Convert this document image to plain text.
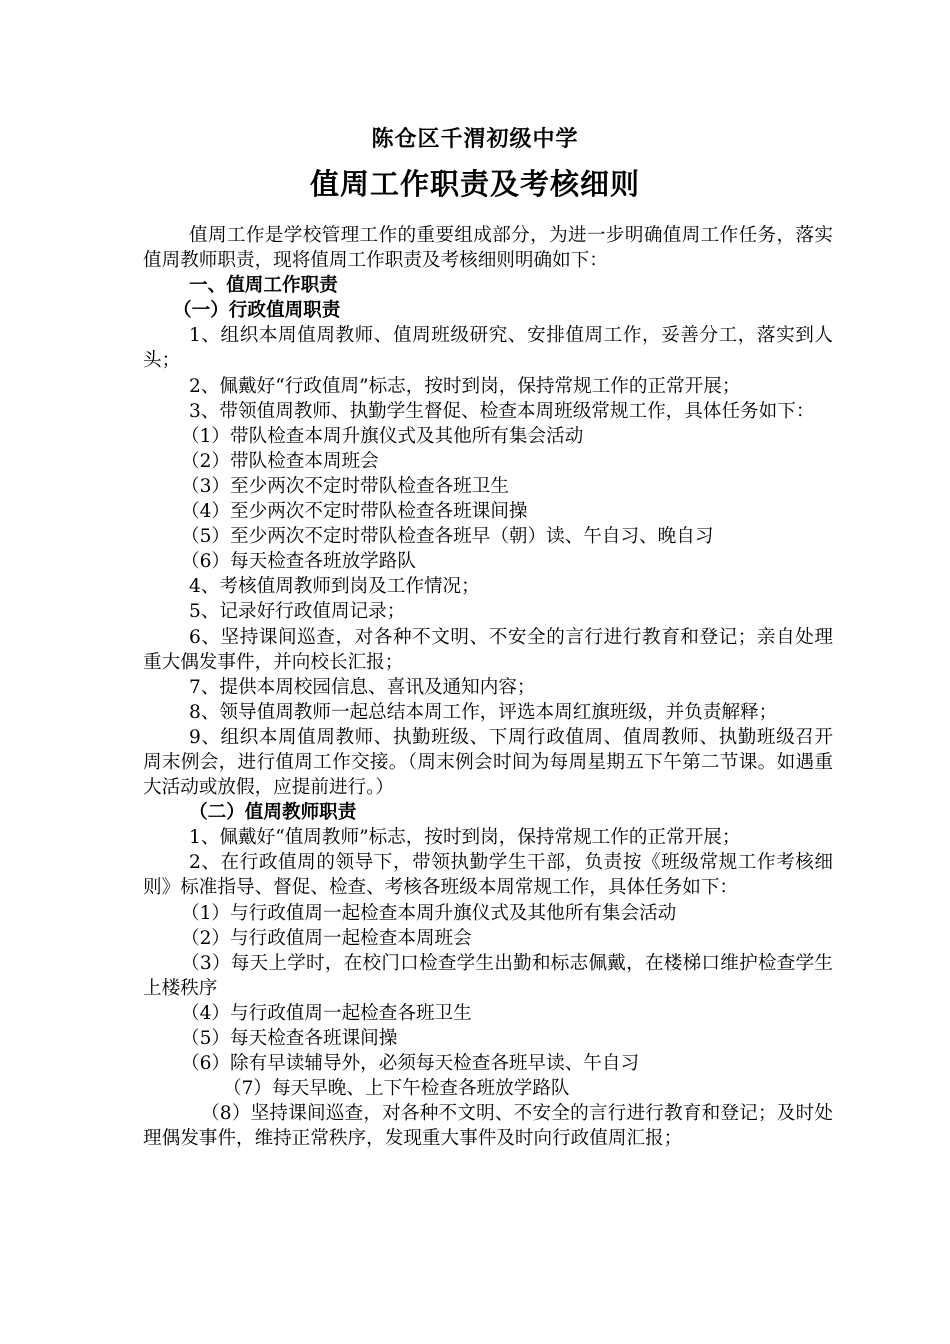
陈仓区千渭初级中学
值周工作职责及考核细则

值周工作是学校管理工作的重要组成部分，为进一步明确值周工作任务，落实值周教师职责，现将值周工作职责及考核细则明确如下：

一、值周工作职责

（一）行政值周职责

1、组织本周值周教师、值周班级研究、安排值周工作，妥善分工，落实到人头；

2、佩戴好“行政值周”标志，按时到岗，保持常规工作的正常开展；

3、带领值周教师、执勤学生督促、检查本周班级常规工作，具体任务如下：

（1）带队检查本周升旗仪式及其他所有集会活动

（2）带队检查本周班会

（3）至少两次不定时带队检查各班卫生

（4）至少两次不定时带队检查各班课间操

（5）至少两次不定时带队检查各班早（朝）读、午自习、晚自习

（6）每天检查各班放学路队

4、考核值周教师到岗及工作情况；

5、记录好行政值周记录；

6、坚持课间巡查，对各种不文明、不安全的言行进行教育和登记；亲自处理重大偶发事件，并向校长汇报；

7、提供本周校园信息、喜讯及通知内容；

8、领导值周教师一起总结本周工作，评选本周红旗班级，并负责解释；

9、组织本周值周教师、执勤班级、下周行政值周、值周教师、执勤班级召开周末例会，进行值周工作交接。（周末例会时间为每周星期五下午第二节课。如遇重大活动或放假，应提前进行。）

（二）值周教师职责

1、佩戴好“值周教师”标志，按时到岗，保持常规工作的正常开展；

2、在行政值周的领导下，带领执勤学生干部，负责按《班级常规工作考核细则》标准指导、督促、检查、考核各班级本周常规工作，具体任务如下：

（1）与行政值周一起检查本周升旗仪式及其他所有集会活动

（2）与行政值周一起检查本周班会

（3）每天上学时，在校门口检查学生出勤和标志佩戴，在楼梯口维护检查学生上楼秩序

（4）与行政值周一起检查各班卫生

（5）每天检查各班课间操

（6）除有早读辅导外，必须每天检查各班早读、午自习

（7）每天早晚、上下午检查各班放学路队

（8）坚持课间巡查，对各种不文明、不安全的言行进行教育和登记；及时处理偶发事件，维持正常秩序，发现重大事件及时向行政值周汇报；
